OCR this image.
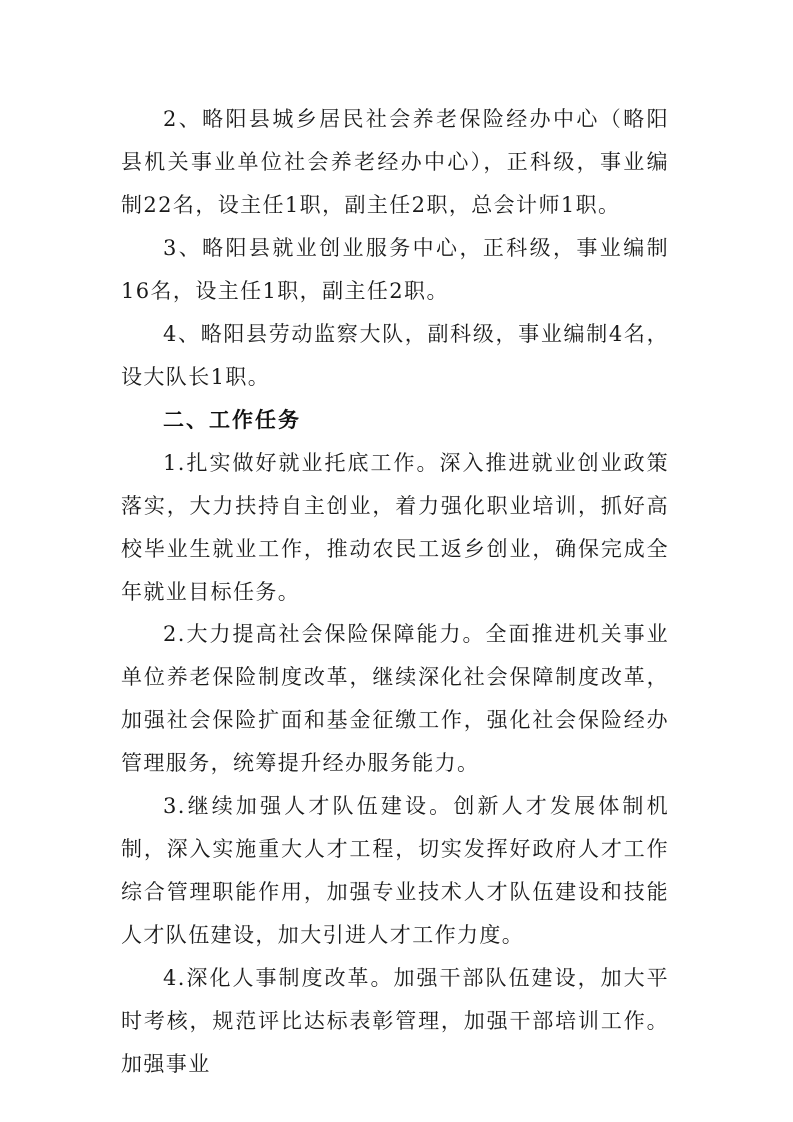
2、略阳县城乡居民社会养老保险经办中心（略阳县机关事业单位社会养老经办中心），正科级，事业编制22名，设主任1职，副主任2职，总会计师1职。

3、略阳县就业创业服务中心，正科级，事业编制16名，设主任1职，副主任2职。

4、略阳县劳动监察大队，副科级，事业编制4名，设大队长1职。

二、工作任务

1.扎实做好就业托底工作。深入推进就业创业政策落实，大力扶持自主创业，着力强化职业培训，抓好高校毕业生就业工作，推动农民工返乡创业，确保完成全年就业目标任务。

2.大力提高社会保险保障能力。全面推进机关事业单位养老保险制度改革，继续深化社会保障制度改革，加强社会保险扩面和基金征缴工作，强化社会保险经办管理服务，统筹提升经办服务能力。

3.继续加强人才队伍建设。创新人才发展体制机制，深入实施重大人才工程，切实发挥好政府人才工作综合管理职能作用，加强专业技术人才队伍建设和技能人才队伍建设，加大引进人才工作力度。

4.深化人事制度改革。加强干部队伍建设，加大平时考核，规范评比达标表彰管理，加强干部培训工作。加强事业
